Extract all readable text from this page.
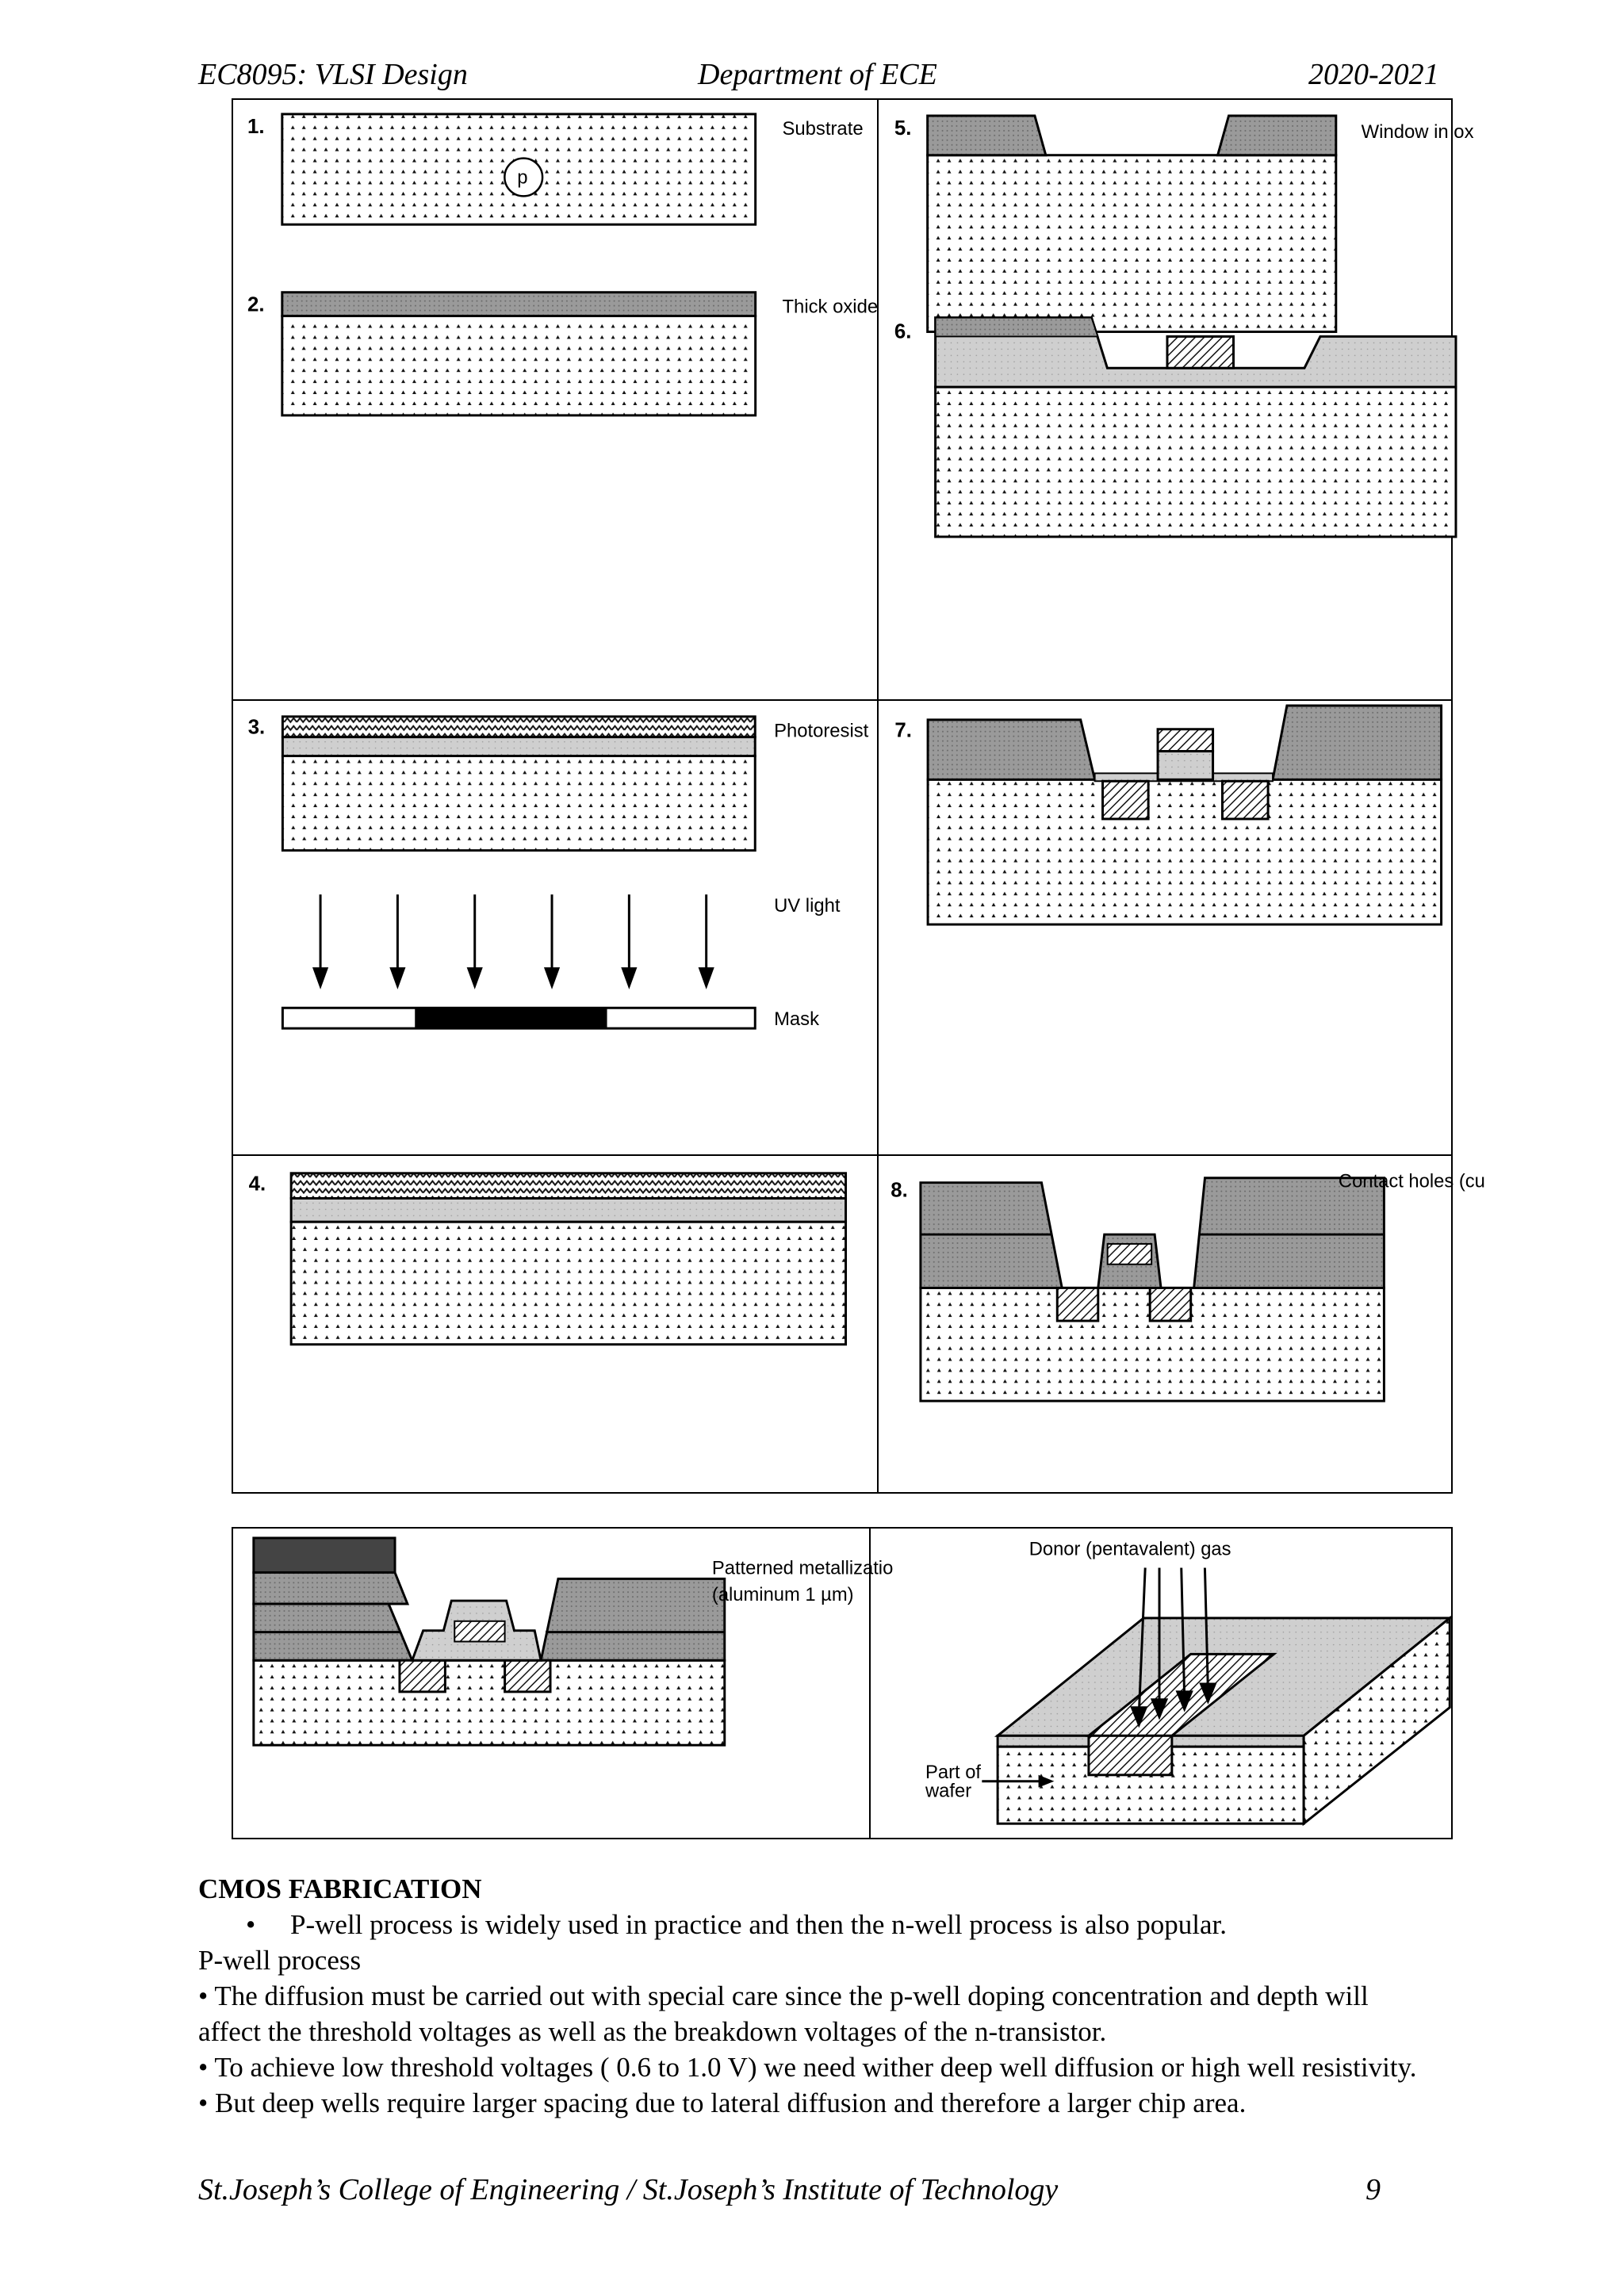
EC8095: VLSI Design	Department of ECE	2020-2021
1.
p
Substrate
2.	Thick oxide
3.	Photoresist
UV light
Mask
4.
5.	Window in ox
6.
7.
8.	Contact holes (cu
Patterned metallizatio
(aluminum 1 µm)
Donor (pentavalent) gas
Part of
wafer

CMOS FABRICATION

•     P-well process is widely used in practice and then the n-well process is also popular.

P-well process

• The diffusion must be carried out with special care since the p-well doping concentration and depth will affect the threshold voltages as well as the breakdown voltages of the n-transistor.

• To achieve low threshold voltages ( 0.6 to 1.0 V) we need wither deep well diffusion or high well resistivity.

• But deep wells require larger spacing due to lateral diffusion and therefore a larger chip area.

St.Joseph’s College of Engineering / St.Joseph’s Institute of Technology	9
